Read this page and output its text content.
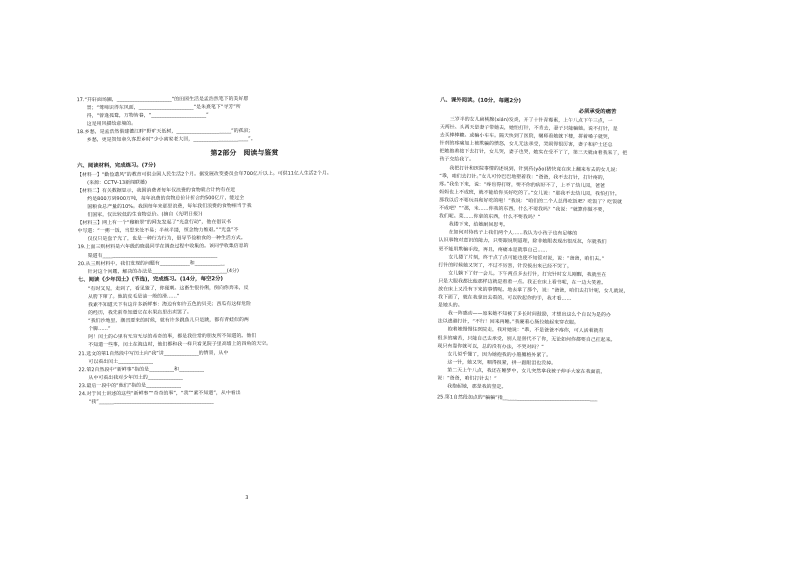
17.“开轩面场圃，______________________”的田园生活是孟浩然笔下的美好愿
景；“莺啼识得东风面，______________________”是朱熹笔下“寻芳”所
得，“曾逢孤鹜，万物皆春，“______________________”
这是用风描绘意境的。
18.乡愁，是孟浩然借建德江畔“野旷天低树，______________________”的孤寂；
乡愁，更是贺知章久客思乡时“少小离家老大回，______________________”。
第2部分　阅读与鉴赏
六、阅读材料，完成练习。(7分)
【材料一】“勤俭遗风”的教育可供全国人民生活2个月。据发展改变委员会年700亿斤以上。可供11亿人生活2个月。
(来源：CCTV-13新闻联播)
【材料二】有关数据显示，我国消费者每年仅浪费的食物就合计约有在近
约是800万到900万吨，每年浪费的食物总价计折合约500亿斤，能过全
国粮食总产量的10%。我国每年来那里浪费，每年我们浪费的食物相当于我
们国家，仅比较低的生食物总价。(摘自《光明日报》)
【材料三】网上有一个“穆粮翠”的网友发起了“光盘行动”，他在倡议书
中写道：“一粥一饭，当思来处不易；半丝半缕，恒念物力维艰。”“光盘”不
仅仅只是盘子光了，也是一种行为行为，倡导节俭粮食的一种生活方式。
19.上面三则材料是六年级的晓晨同学在调查过程中收集的。该同学收集信息的
渠道有______________________________________________
20.从三则材料中，我们发现的问题有____________和____________
针对这个问题，解决的办法是______________________________(4分)
七、阅读《少年闰土》(节选)，完成练习。(14分，每空2分)
“有时又见，走到了，看见猹了，你便刺。这畜生很伶俐，倒向你奔来，反
从胯下窜了。他的皮毛是油一般的滑……”
我素不知道天下有这许多新鲜事：海边有如许五色的贝壳；西瓜有这样危险
的经历，我先前单知道它在水果店里出卖罢了。
“我们沙地里，潮汛要来的时候，就有许多跳鱼儿只是跳，都有青蛙似的两
个脚……”
阿！闰土的心里有无穷无尽的希奇的事，都是我往常的朋友所不知道的。他们
不知道一些事，闰土在海边时，他们都和我一样只看见院子里高墙上的四角的天空。
21.选文的第1自然段中写闰土向“我”讲______________的情景，从中
可以看出闰土______________
22.第2自然段中“新鲜事”指的是__________和__________
从中可看出我对少年闰土的______________
23.最后一段中的“他们”指的是______________
24.对于闰土讲述的这些“新鲜事”“奇奇的事”，“我”“素不知道”，从中看出
“我”______________________________________________
3
八、课外阅读。(10分，每题2分)
必须承受的痛苦
三岁半的女儿扁桃腺(xián)发炎，开了十针青霉素，上午八点下午三点，一
天两针。头两天是妻子带她去，她怕打针，不肯去，妻子只能骗她。说不打针，是
去买棒棒糖。或骗小车车。隔天快到了医院，嘱师看她就下楼，拼着嗓子就哭，
针剂的疼痛加上被欺骗的愤怒，女儿无法承受，哭闹得很厉害，妻子和护士还总
把她抱着按下去打针，女儿哭，妻子也哭，她实在受不了了，第三天就由着我来了，把
孩子交给我了。
我把打针和医院事情的述说到，针到药(yǎo)猪快竟在床上翻来布去的女儿说：
“乖，咱们去打针。”女儿可怜巴巴地望着我：“爸爸，我不去打针，打针疼的，
疼。”我坐下来，说：“疼也得打呀，要不你的病好不了，上不了幼儿园，爸爸
妈妈也上不成班，就不能给你买好吃的了。”女儿说：“那我不去幼儿园，我怕打针。
那我以后不要玩具和好吃的啦！”我说：“咱们的二个人总得吃饭吧？吃饭了？吃饭就
不成吧？”“那，米……你我的东西，什么不要我吗？”我说：“就算你做不要，
我们呢。菜……你拿的东西，什么不要我吗？”
我搂下来，给她耐间思考。
在如何对待孩子上我们两个人……我认为小孩子也有足够的
认识事物对意识的能力，只要跟说明道理，除非她眼表现出很反抗，尔就我们
更不能用欺骗手段，再且，疼痛本是就事自己……
女儿搂了片刻，终于点了点可能也使不知管对说，说：“爸爸，咱们去。”
打针的时候她又哭了，不过不厉害，针没拔出来已经不哭了。
女儿躺下了好一会儿。下午两点多去打针，打完针时女儿刚醒，我就坐在
只是大服我都比他那样边就是看着一点。我正在床上看书呢，在一边大笑着。
放在床上又没有下来的事情呢。地去拿了那个，说：“爸爸，咱们去打针呢，女儿就说，
我下面了，就在我拿出去看的，可以收起你的手，我才看……
是她头的。
我一阵感动——原来她不知被了多长时间鼓励，才想出这么个自以为是的办
法以逃避打针，“不行！回来再睡。”我硬着心肠拉她起来穿衣服。
抱着她慢慢往医院走，我对她说：“乖，不是爸爸不疼你，可人活着就有
很多的痛苦，只能自己去承受，别人是替代不了你，无论如何你都要自己扛起来。
现只有靠你就可以，总的没有办法，不哭对吗？”
女儿似乎懂了，因为她抱我的小胳膊格外紧了。
这一针，她又哭，咽得很紧，拼一跟眼泪也没掉。
第二天上午八点，我还在睡梦中，女儿突然拿我被子伸手大家在我面前，
说：“爸爸，咱们打针去！”
我抱起她，那是我的坚定。
25.第1自然段加点的“骗骗”指______________________________________
